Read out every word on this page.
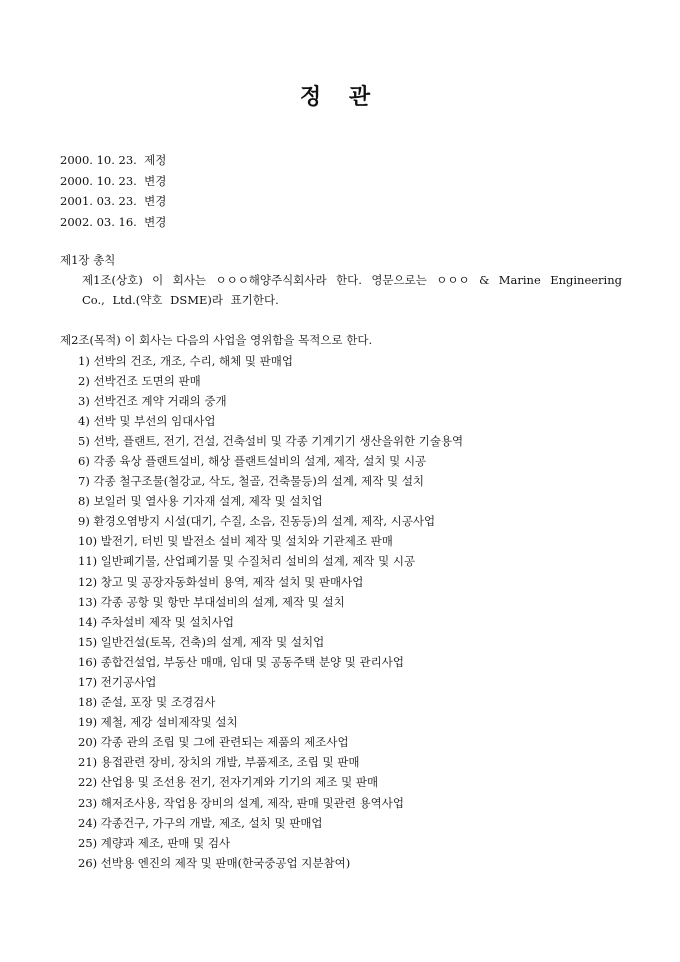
정 관
2000. 10. 23.  제정
2000. 10. 23.  변경
2001. 03. 23.  변경
2002. 03. 16.  변경
제1장 총칙
제1조(상호) 이 회사는 ㅇㅇㅇ해양주식회사라 한다. 영문으로는 ㅇㅇㅇ & Marine Engineering Co., Ltd.(약호 DSME)라 표기한다.
제2조(목적) 이 회사는 다음의 사업을 영위함을 목적으로 한다.
1) 선박의 건조, 개조, 수리, 해체 및 판매업
2) 선박건조 도면의 판매
3) 선박건조 계약 거래의 중개
4) 선박 및 부선의 임대사업
5) 선박, 플랜트, 전기, 건설, 건축설비 및 각종 기계기기 생산을위한 기술용역
6) 각종 육상 플랜트설비, 해상 플랜트설비의 설계, 제작, 설치 및 시공
7) 각종 철구조물(철강교, 삭도, 철골, 건축물등)의 설계, 제작 및 설치
8) 보일러 및 열사용 기자재 설계, 제작 및 설치업
9) 환경오염방지 시설(대기, 수질, 소음, 진동등)의 설계, 제작, 시공사업
10) 발전기, 터빈 및 발전소 설비 제작 및 설치와 기관제조 판매
11) 일반폐기물, 산업폐기물 및 수질처리 설비의 설계, 제작 및 시공
12) 창고 및 공장자동화설비 용역, 제작 설치 및 판매사업
13) 각종 공항 및 항만 부대설비의 설계, 제작 및 설치
14) 주차설비 제작 및 설치사업
15) 일반건설(토목, 건축)의 설계, 제작 및 설치업
16) 종합건설업, 부동산 매매, 임대 및 공동주택 분양 및 관리사업
17) 전기공사업
18) 준설, 포장 및 조경검사
19) 제철, 제강 설비제작및 설치
20) 각종 관의 조립 및 그에 관련되는 제품의 제조사업
21) 용접관련 장비, 장치의 개발, 부품제조, 조립 및 판매
22) 산업용 및 조선용 전기, 전자기계와 기기의 제조 및 판매
23) 해저조사용, 작업용 장비의 설계, 제작, 판매 및관련 용역사업
24) 각종건구, 가구의 개발, 제조, 설치 및 판매업
25) 계량과 제조, 판매 및 검사
26) 선박용 엔진의 제작 및 판매(한국중공업 지분참여)
